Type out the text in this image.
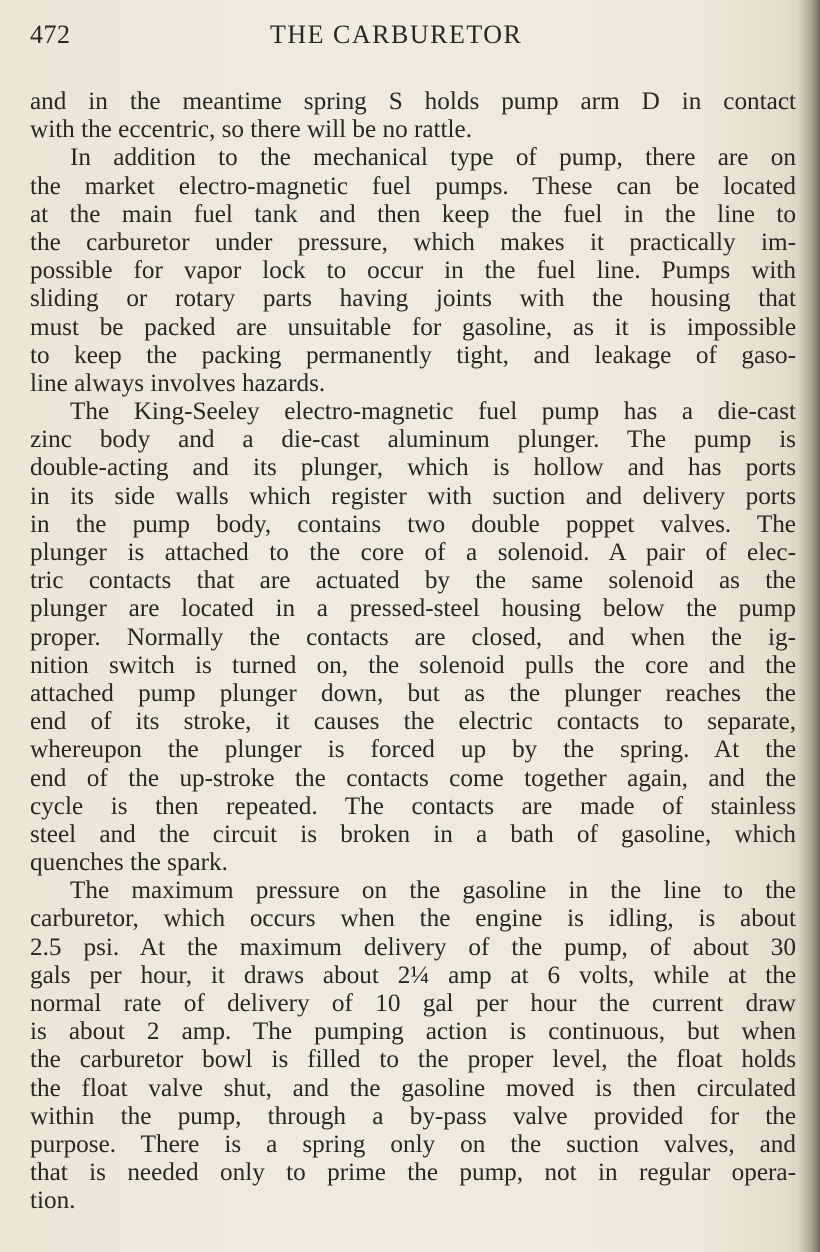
472	THE CARBURETOR
and in the meantime spring S holds pump arm D in contact
with the eccentric, so there will be no rattle.
In addition to the mechanical type of pump, there are on
the market electro-magnetic fuel pumps. These can be located
at the main fuel tank and then keep the fuel in the line to
the carburetor under pressure, which makes it practically im-
possible for vapor lock to occur in the fuel line. Pumps with
sliding or rotary parts having joints with the housing that
must be packed are unsuitable for gasoline, as it is impossible
to keep the packing permanently tight, and leakage of gaso-
line always involves hazards.
The King-Seeley electro-magnetic fuel pump has a die-cast
zinc body and a die-cast aluminum plunger. The pump is
double-acting and its plunger, which is hollow and has ports
in its side walls which register with suction and delivery ports
in the pump body, contains two double poppet valves. The
plunger is attached to the core of a solenoid. A pair of elec-
tric contacts that are actuated by the same solenoid as the
plunger are located in a pressed-steel housing below the pump
proper. Normally the contacts are closed, and when the ig-
nition switch is turned on, the solenoid pulls the core and the
attached pump plunger down, but as the plunger reaches the
end of its stroke, it causes the electric contacts to separate,
whereupon the plunger is forced up by the spring. At the
end of the up-stroke the contacts come together again, and the
cycle is then repeated. The contacts are made of stainless
steel and the circuit is broken in a bath of gasoline, which
quenches the spark.
The maximum pressure on the gasoline in the line to the
carburetor, which occurs when the engine is idling, is about
2.5 psi. At the maximum delivery of the pump, of about 30
gals per hour, it draws about 2¼ amp at 6 volts, while at the
normal rate of delivery of 10 gal per hour the current draw
is about 2 amp. The pumping action is continuous, but when
the carburetor bowl is filled to the proper level, the float holds
the float valve shut, and the gasoline moved is then circulated
within the pump, through a by-pass valve provided for the
purpose. There is a spring only on the suction valves, and
that is needed only to prime the pump, not in regular opera-
tion.
